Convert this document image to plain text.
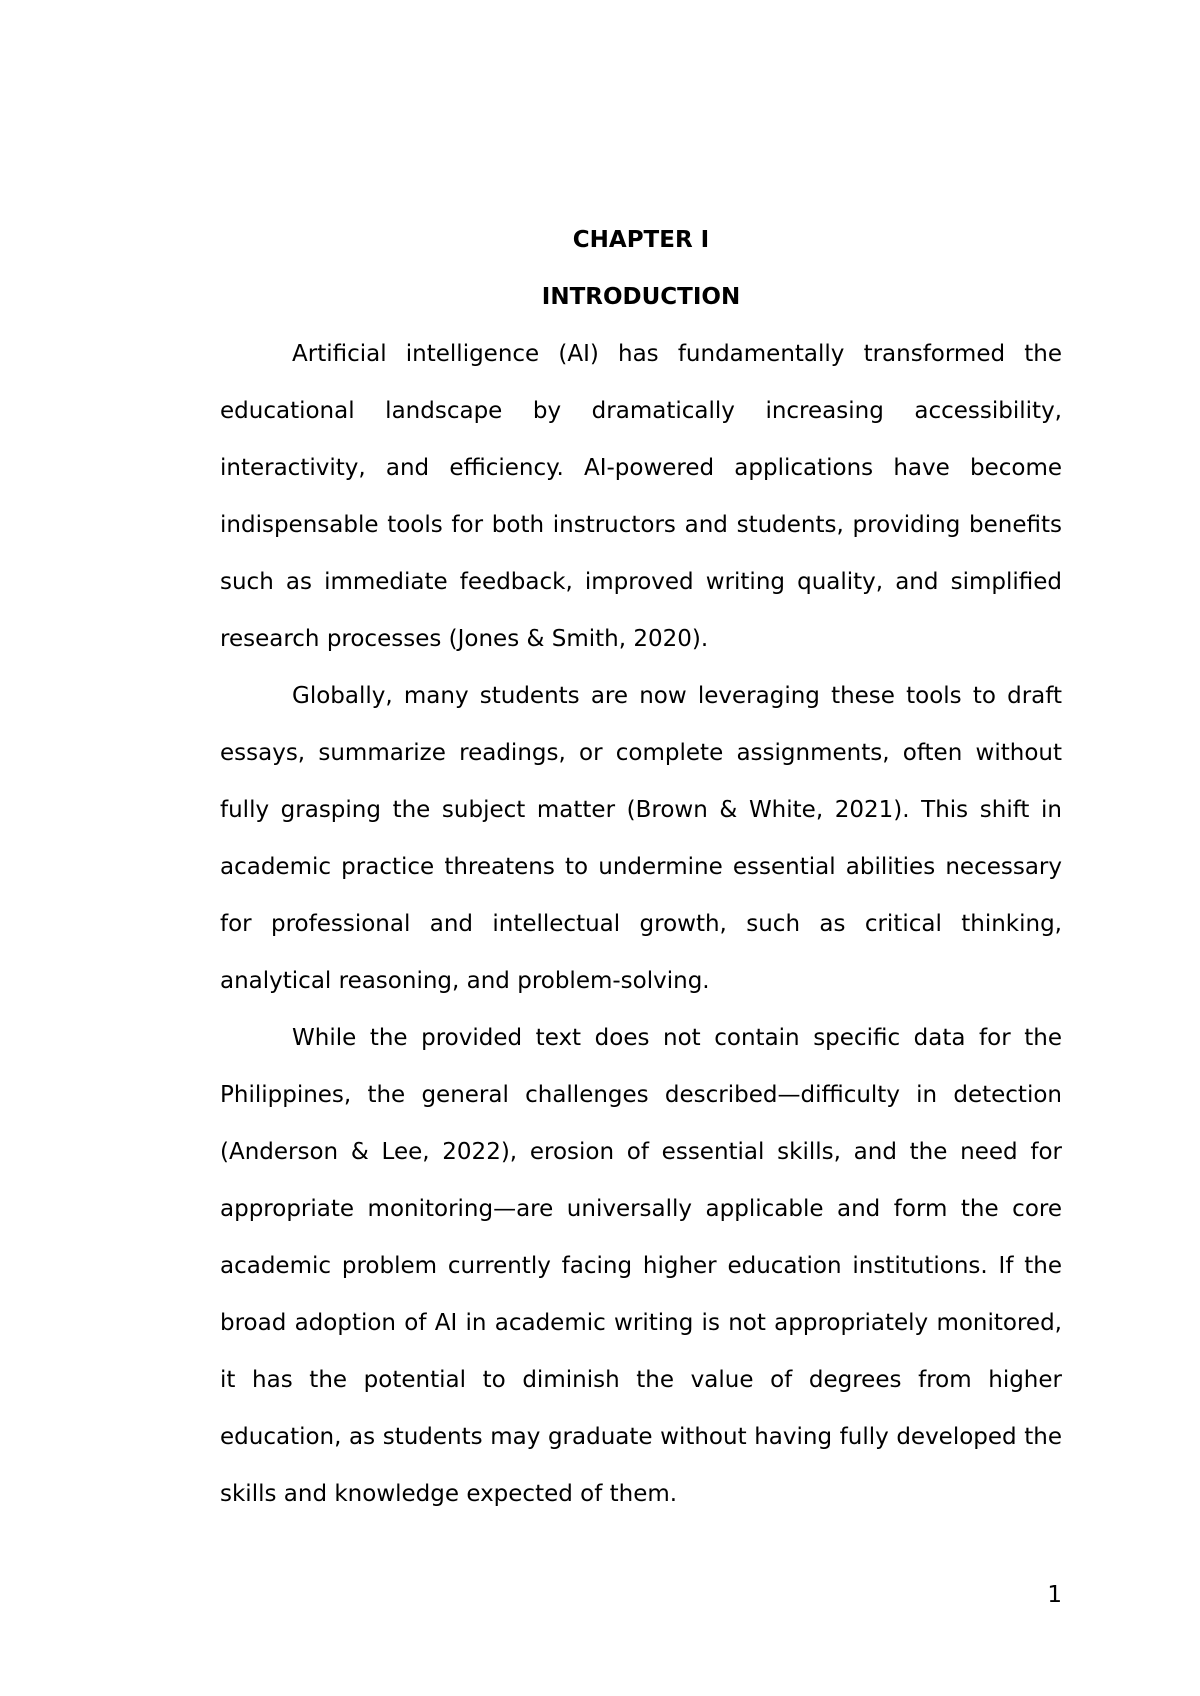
CHAPTER I
INTRODUCTION

Artificial intelligence (AI) has fundamentally transformed the educational landscape by dramatically increasing accessibility, interactivity, and efficiency. AI-powered applications have become indispensable tools for both instructors and students, providing benefits such as immediate feedback, improved writing quality, and simplified research processes (Jones & Smith, 2020).

Globally, many students are now leveraging these tools to draft essays, summarize readings, or complete assignments, often without fully grasping the subject matter (Brown & White, 2021). This shift in academic practice threatens to undermine essential abilities necessary for professional and intellectual growth, such as critical thinking, analytical reasoning, and problem-solving.

While the provided text does not contain specific data for the Philippines, the general challenges described—difficulty in detection (Anderson & Lee, 2022), erosion of essential skills, and the need for appropriate monitoring—are universally applicable and form the core academic problem currently facing higher education institutions. If the broad adoption of AI in academic writing is not appropriately monitored, it has the potential to diminish the value of degrees from higher education, as students may graduate without having fully developed the skills and knowledge expected of them.

1
